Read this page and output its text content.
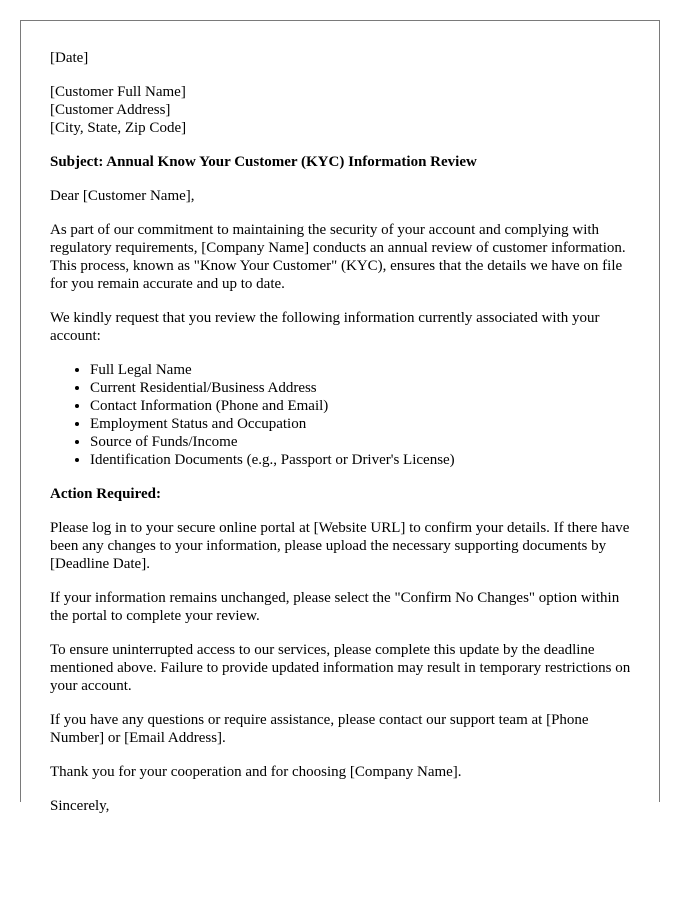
[Date]

[Customer Full Name]
[Customer Address]
[City, State, Zip Code]

Subject: Annual Know Your Customer (KYC) Information Review

Dear [Customer Name],

As part of our commitment to maintaining the security of your account and complying with regulatory requirements, [Company Name] conducts an annual review of customer information. This process, known as "Know Your Customer" (KYC), ensures that the details we have on file for you remain accurate and up to date.

We kindly request that you review the following information currently associated with your account:

• Full Legal Name
• Current Residential/Business Address
• Contact Information (Phone and Email)
• Employment Status and Occupation
• Source of Funds/Income
• Identification Documents (e.g., Passport or Driver's License)

Action Required:

Please log in to your secure online portal at [Website URL] to confirm your details. If there have been any changes to your information, please upload the necessary supporting documents by [Deadline Date].

If your information remains unchanged, please select the "Confirm No Changes" option within the portal to complete your review.

To ensure uninterrupted access to our services, please complete this update by the deadline mentioned above. Failure to provide updated information may result in temporary restrictions on your account.

If you have any questions or require assistance, please contact our support team at [Phone Number] or [Email Address].

Thank you for your cooperation and for choosing [Company Name].

Sincerely,
